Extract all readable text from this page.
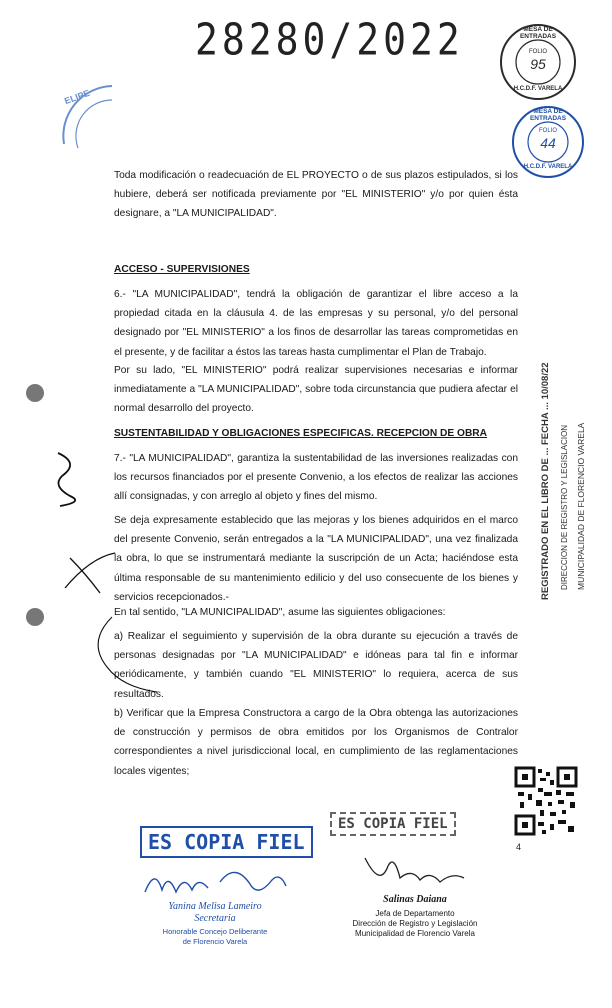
28280/2022	MESA DE ENTRADAS
FOLIO
95
H.C.D.F. VARELA
MESA DE ENTRADAS
FOLIO
44
H.C.D.F. VARELA
ELIPE
Toda modificación o readecuación de EL PROYECTO o de sus plazos estipulados, si los hubiere, deberá ser notificada previamente por "EL MINISTERIO" y/o por quien ésta designare, a "LA MUNICIPALIDAD".
ACCESO - SUPERVISIONES
6.- "LA MUNICIPALIDAD", tendrá la obligación de garantizar el libre acceso a la propiedad citada en la cláusula 4. de las empresas y su personal, y/o del personal designado por "EL MINISTERIO" a los finos de desarrollar las tareas comprometidas en el presente, y de facilitar a éstos las tareas hasta cumplimentar el Plan de Trabajo.
Por su lado, "EL MINISTERIO" podrá realizar supervisiones necesarias e informar inmediatamente a "LA MUNICIPALIDAD", sobre toda circunstancia que pudiera afectar el normal desarrollo del proyecto.
SUSTENTABILIDAD Y OBLIGACIONES ESPECIFICAS. RECEPCION DE OBRA
7.- "LA MUNICIPALIDAD", garantiza la sustentabilidad de las inversiones realizadas con los recursos financiados por el presente Convenio, a los efectos de realizar las acciones allí consignadas, y con arreglo al objeto y fines del mismo.
Se deja expresamente establecido que las mejoras y los bienes adquiridos en el marco del presente Convenio, serán entregados a la "LA MUNICIPALIDAD", una vez finalizada la obra, lo que se instrumentará mediante la suscripción de un Acta; haciéndose esta última responsable de su mantenimiento edilicio y del uso consecuente de los bienes y servicios recepcionados.-
En tal sentido, "LA MUNICIPALIDAD", asume las siguientes obligaciones:
a) Realizar el seguimiento y supervisión de la obra durante su ejecución a través de personas designadas por "LA MUNICIPALIDAD" e idóneas para tal fin e informar periódicamente, y también cuando "EL MINISTERIO" lo requiera, acerca de sus resultados.
b) Verificar que la Empresa Constructora a cargo de la Obra obtenga las autorizaciones de construcción y permisos de obra emitidos por los Organismos de Contralor correspondientes a nivel jurisdiccional local, en cumplimiento de las reglamentaciones locales vigentes;
REGISTRADO EN EL LIBRO DE ... FECHA ... 10/08/22 DIRECCION DE REGISTRO Y LEGISLACION MUNICIPALIDAD DE FLORENCIO VARELA
4
ES COPIA FIEL
ES COPIA FIEL
Yanina Melisa Lameiro
Secretaria
Honorable Concejo Deliberante
de Florencio Varela
Salinas Daiana
Jefa de Departamento
Dirección de Registro y Legislación
Municipalidad de Florencio Varela
